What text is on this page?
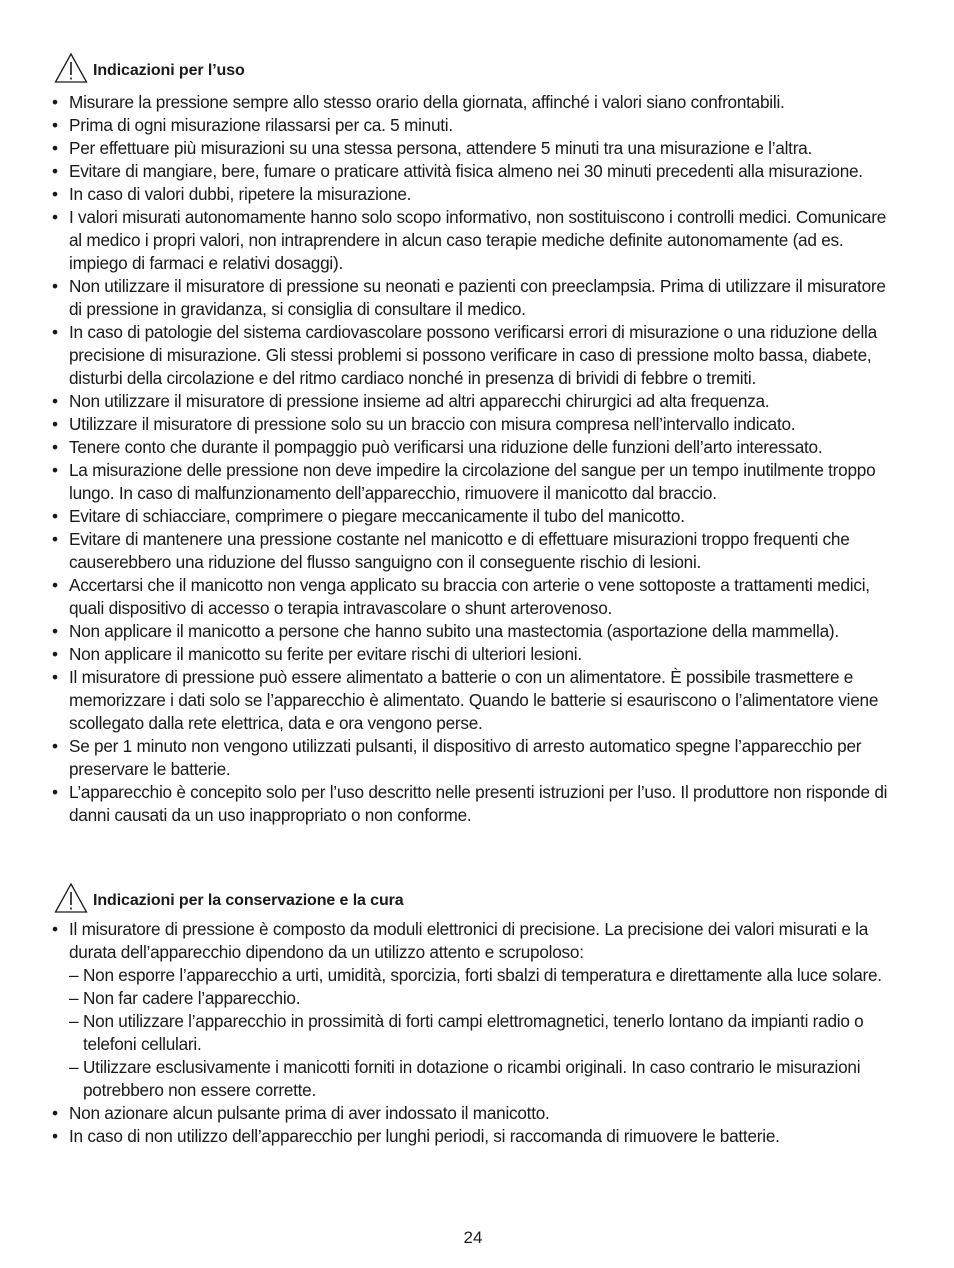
Indicazioni per l’uso
• Misurare la pressione sempre allo stesso orario della giornata, affinché i valori siano confrontabili.
• Prima di ogni misurazione rilassarsi per ca. 5 minuti.
• Per effettuare più misurazioni su una stessa persona, attendere 5 minuti tra una misurazione e l’altra.
• Evitare di mangiare, bere, fumare o praticare attività fisica almeno nei 30 minuti precedenti alla misurazione.
• In caso di valori dubbi, ripetere la misurazione.
• I valori misurati autonomamente hanno solo scopo informativo, non sostituiscono i controlli medici. Comunicare al medico i propri valori, non intraprendere in alcun caso terapie mediche definite autonomamente (ad es. impiego di farmaci e relativi dosaggi).
• Non utilizzare il misuratore di pressione su neonati e pazienti con preeclampsia. Prima di utilizzare il misuratore di pressione in gravidanza, si consiglia di consultare il medico.
• In caso di patologie del sistema cardiovascolare possono verificarsi errori di misurazione o una riduzione della precisione di misurazione. Gli stessi problemi si possono verificare in caso di pressione molto bassa, diabete, disturbi della circolazione e del ritmo cardiaco nonché in presenza di brividi di febbre o tremiti.
• Non utilizzare il misuratore di pressione insieme ad altri apparecchi chirurgici ad alta frequenza.
• Utilizzare il misuratore di pressione solo su un braccio con misura compresa nell’intervallo indicato.
• Tenere conto che durante il pompaggio può verificarsi una riduzione delle funzioni dell’arto interessato.
• La misurazione delle pressione non deve impedire la circolazione del sangue per un tempo inutilmente troppo lungo. In caso di malfunzionamento dell’apparecchio, rimuovere il manicotto dal braccio.
• Evitare di schiacciare, comprimere o piegare meccanicamente il tubo del manicotto.
• Evitare di mantenere una pressione costante nel manicotto e di effettuare misurazioni troppo frequenti che causerebbero una riduzione del flusso sanguigno con il conseguente rischio di lesioni.
• Accertarsi che il manicotto non venga applicato su braccia con arterie o vene sottoposte a trattamenti medici, quali dispositivo di accesso o terapia intravascolare o shunt arterovenoso.
• Non applicare il manicotto a persone che hanno subito una mastectomia (asportazione della mammella).
• Non applicare il manicotto su ferite per evitare rischi di ulteriori lesioni.
• Il misuratore di pressione può essere alimentato a batterie o con un alimentatore. È possibile trasmettere e memorizzare i dati solo se l’apparecchio è alimentato. Quando le batterie si esauriscono o l’alimentatore viene scollegato dalla rete elettrica, data e ora vengono perse.
• Se per 1 minuto non vengono utilizzati pulsanti, il dispositivo di arresto automatico spegne l’apparecchio per preservare le batterie.
• L’apparecchio è concepito solo per l’uso descritto nelle presenti istruzioni per l’uso. Il produttore non risponde di danni causati da un uso inappropriato o non conforme.
Indicazioni per la conservazione e la cura
• Il misuratore di pressione è composto da moduli elettronici di precisione. La precisione dei valori misurati e la durata dell’apparecchio dipendono da un utilizzo attento e scrupoloso:
– Non esporre l’apparecchio a urti, umidità, sporcizia, forti sbalzi di temperatura e direttamente alla luce solare.
– Non far cadere l’apparecchio.
– Non utilizzare l’apparecchio in prossimità di forti campi elettromagnetici, tenerlo lontano da impianti radio o telefoni cellulari.
– Utilizzare esclusivamente i manicotti forniti in dotazione o ricambi originali. In caso contrario le misurazioni potrebbero non essere corrette.
• Non azionare alcun pulsante prima di aver indossato il manicotto.
• In caso di non utilizzo dell’apparecchio per lunghi periodi, si raccomanda di rimuovere le batterie.
24
